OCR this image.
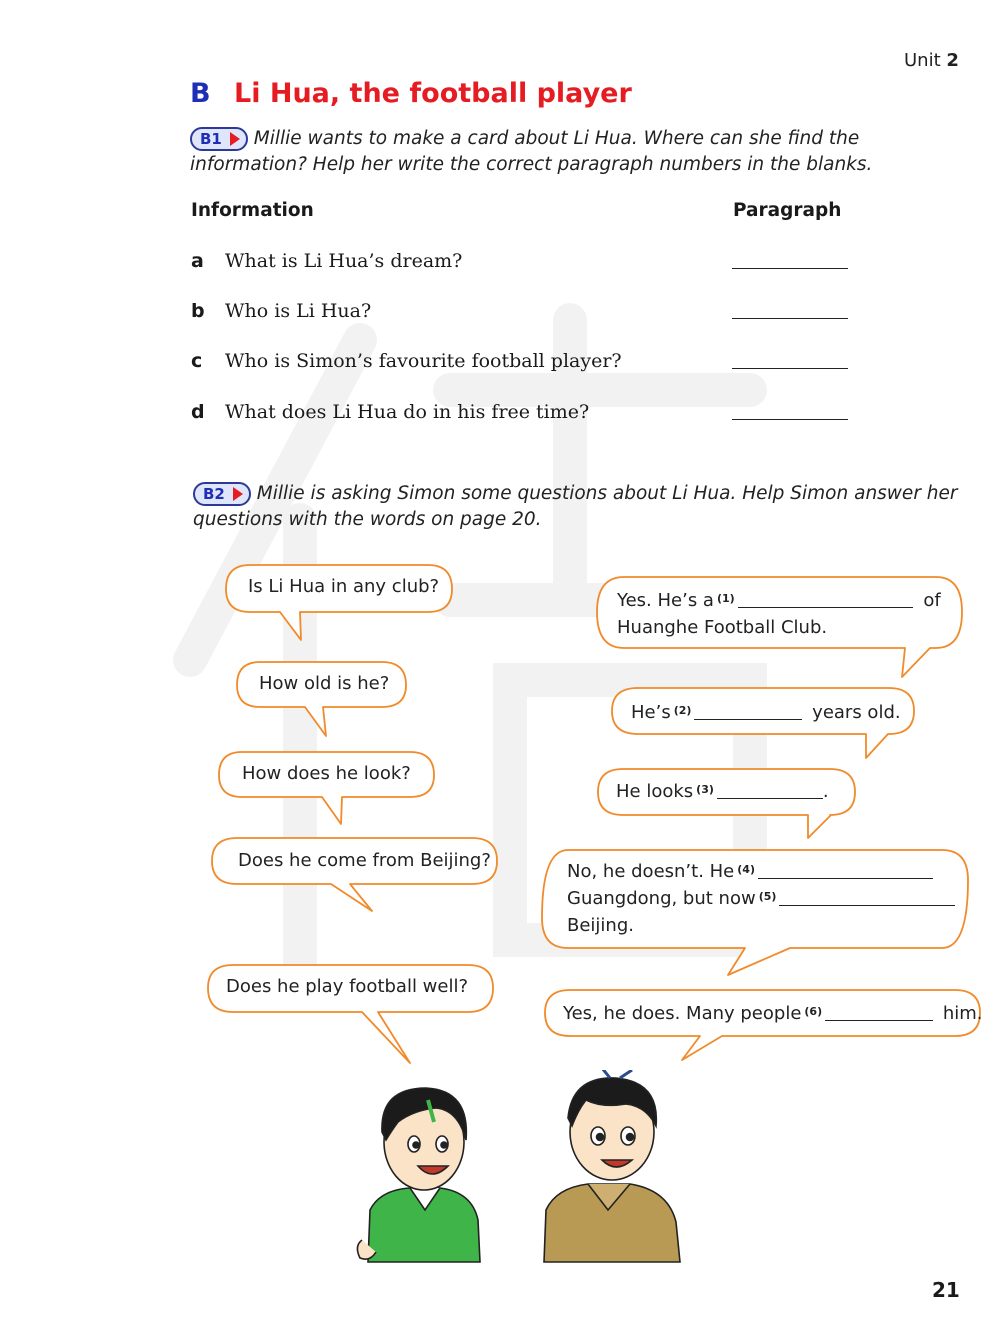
Unit 2
B Li Hua, the football player
B1 Millie wants to make a card about Li Hua. Where can she find the information? Help her write the correct paragraph numbers in the blanks.
Information	Paragraph
a What is Li Hua’s dream?
b Who is Li Hua?
c Who is Simon’s favourite football player?
d What does Li Hua do in his free time?
B2 Millie is asking Simon some questions about Li Hua. Help Simon answer her questions with the words on page 20.
Is Li Hua in any club?
How old is he?
How does he look?
Does he come from Beijing?
Does he play football well?
Yes. He’s a $^{(1)}$	of
Huanghe Football Club.
He’s $^{(2)}$	years old.
He looks $^{(3)}$	.
No, he doesn’t. He $^{(4)}$
Guangdong, but now $^{(5)}$
Beijing.
Yes, he does. Many people $^{(6)}$	him.
21
